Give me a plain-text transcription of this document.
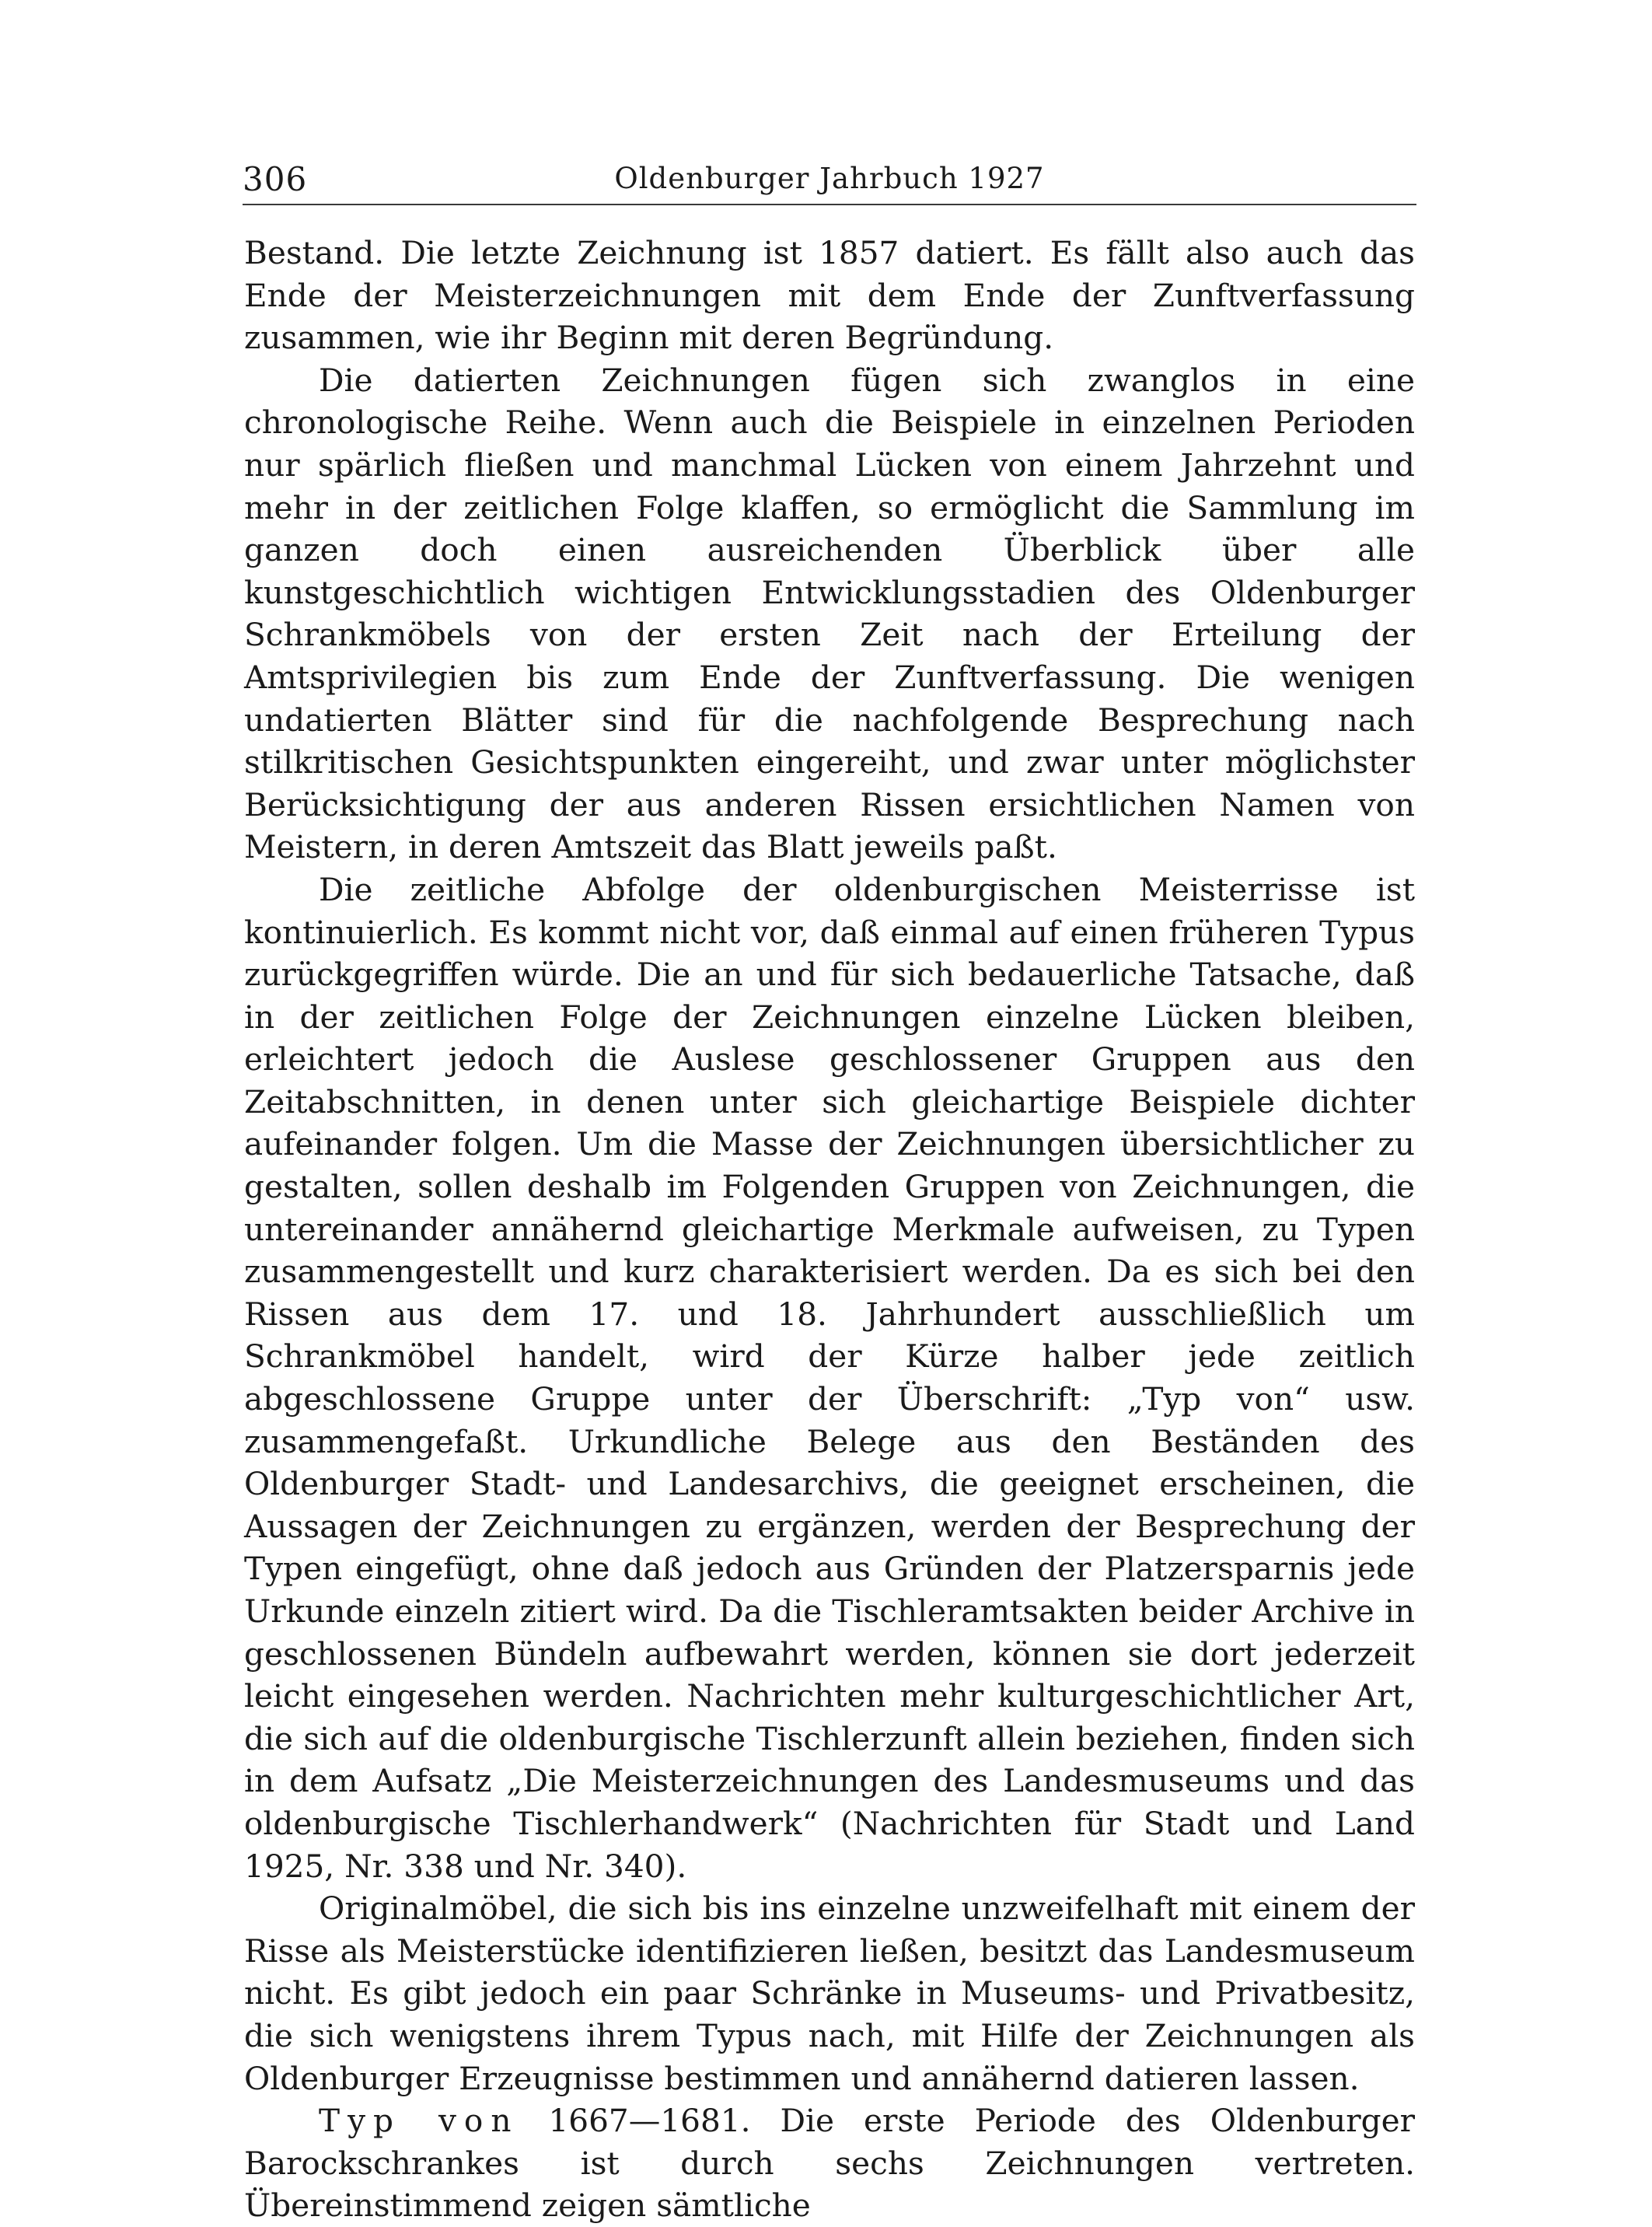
306	Oldenburger Jahrbuch 1927

Bestand. Die letzte Zeichnung ist 1857 datiert. Es fällt also auch das Ende der Meisterzeichnungen mit dem Ende der Zunftverfassung zusammen, wie ihr Beginn mit deren Begründung.

Die datierten Zeichnungen fügen sich zwanglos in eine chronologische Reihe. Wenn auch die Beispiele in einzelnen Perioden nur spärlich fließen und manchmal Lücken von einem Jahrzehnt und mehr in der zeitlichen Folge klaffen, so ermöglicht die Sammlung im ganzen doch einen ausreichenden Überblick über alle kunstgeschichtlich wichtigen Entwicklungsstadien des Oldenburger Schrankmöbels von der ersten Zeit nach der Erteilung der Amtsprivilegien bis zum Ende der Zunftverfassung. Die wenigen undatierten Blätter sind für die nachfolgende Besprechung nach stilkritischen Gesichtspunkten eingereiht, und zwar unter möglichster Berücksichtigung der aus anderen Rissen ersichtlichen Namen von Meistern, in deren Amtszeit das Blatt jeweils paßt.

Die zeitliche Abfolge der oldenburgischen Meisterrisse ist kontinuierlich. Es kommt nicht vor, daß einmal auf einen früheren Typus zurückgegriffen würde. Die an und für sich bedauerliche Tatsache, daß in der zeitlichen Folge der Zeichnungen einzelne Lücken bleiben, erleichtert jedoch die Auslese geschlossener Gruppen aus den Zeitabschnitten, in denen unter sich gleichartige Beispiele dichter aufeinander folgen. Um die Masse der Zeichnungen übersichtlicher zu gestalten, sollen deshalb im Folgenden Gruppen von Zeichnungen, die untereinander annähernd gleichartige Merkmale aufweisen, zu Typen zusammengestellt und kurz charakterisiert werden. Da es sich bei den Rissen aus dem 17. und 18. Jahrhundert ausschließlich um Schrankmöbel handelt, wird der Kürze halber jede zeitlich abgeschlossene Gruppe unter der Überschrift: „Typ von“ usw. zusammengefaßt. Urkundliche Belege aus den Beständen des Oldenburger Stadt- und Landesarchivs, die geeignet erscheinen, die Aussagen der Zeichnungen zu ergänzen, werden der Besprechung der Typen eingefügt, ohne daß jedoch aus Gründen der Platzersparnis jede Urkunde einzeln zitiert wird. Da die Tischleramtsakten beider Archive in geschlossenen Bündeln aufbewahrt werden, können sie dort jederzeit leicht eingesehen werden. Nachrichten mehr kulturgeschichtlicher Art, die sich auf die oldenburgische Tischlerzunft allein beziehen, finden sich in dem Aufsatz „Die Meisterzeichnungen des Landesmuseums und das oldenburgische Tischlerhandwerk“ (Nachrichten für Stadt und Land 1925, Nr. 338 und Nr. 340).

Originalmöbel, die sich bis ins einzelne unzweifelhaft mit einem der Risse als Meisterstücke identifizieren ließen, besitzt das Landesmuseum nicht. Es gibt jedoch ein paar Schränke in Museums- und Privatbesitz, die sich wenigstens ihrem Typus nach, mit Hilfe der Zeichnungen als Oldenburger Erzeugnisse bestimmen und annähernd datieren lassen.

Typ von 1667—1681. Die erste Periode des Oldenburger Barockschrankes ist durch sechs Zeichnungen vertreten. Übereinstimmend zeigen sämtliche
